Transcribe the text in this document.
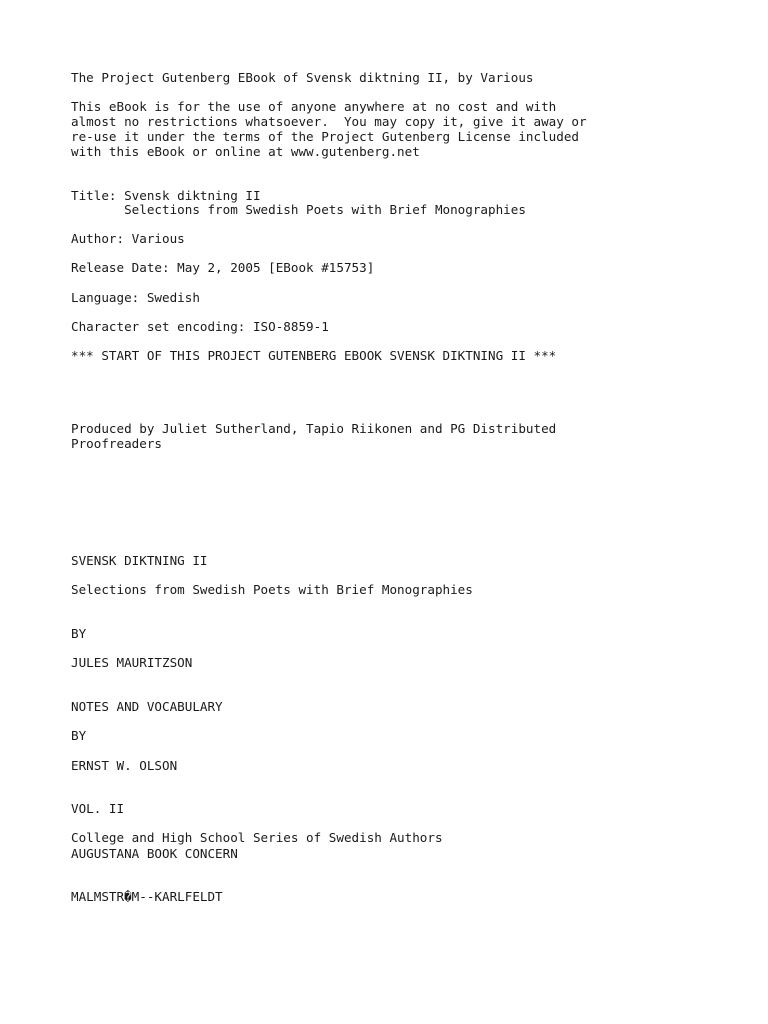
The Project Gutenberg EBook of Svensk diktning II, by Various
This eBook is for the use of anyone anywhere at no cost and with
almost no restrictions whatsoever.  You may copy it, give it away or
re-use it under the terms of the Project Gutenberg License included
with this eBook or online at www.gutenberg.net
Title: Svensk diktning II
Selections from Swedish Poets with Brief Monographies
Author: Various
Release Date: May 2, 2005 [EBook #15753]
Language: Swedish
Character set encoding: ISO-8859-1
*** START OF THIS PROJECT GUTENBERG EBOOK SVENSK DIKTNING II ***
Produced by Juliet Sutherland, Tapio Riikonen and PG Distributed
Proofreaders
SVENSK DIKTNING II
Selections from Swedish Poets with Brief Monographies
BY
JULES MAURITZSON
NOTES AND VOCABULARY
BY
ERNST W. OLSON
VOL. II
College and High School Series of Swedish Authors
AUGUSTANA BOOK CONCERN
MALMSTR�M--KARLFELDT
